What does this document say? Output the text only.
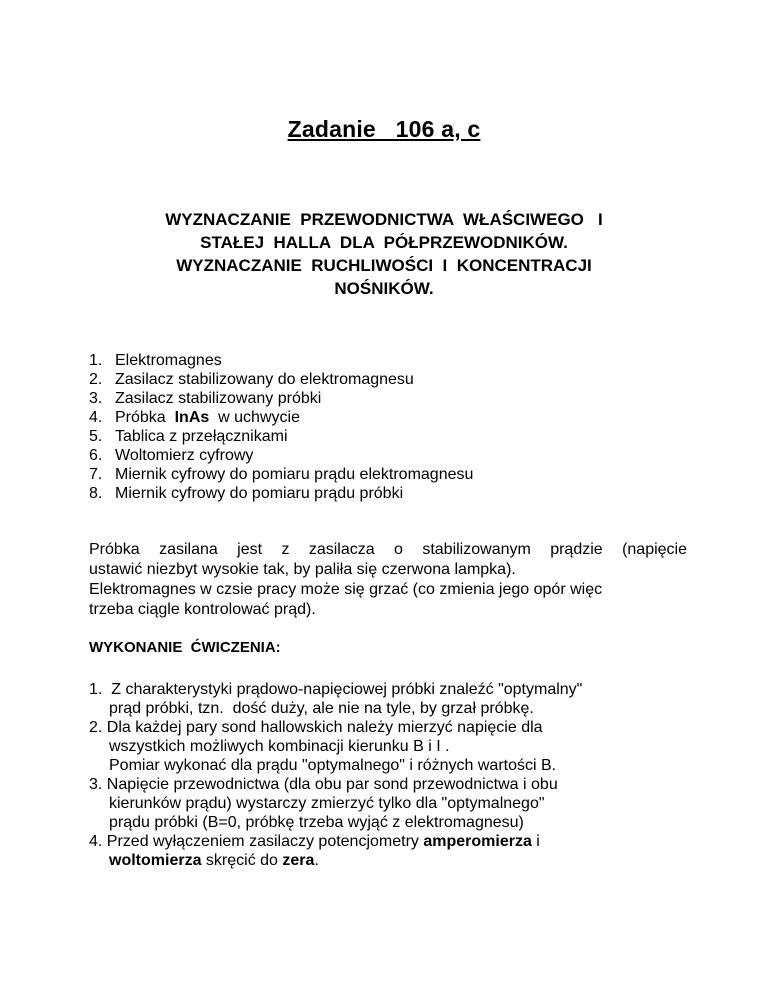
Zadanie   106 a, c
WYZNACZANIE  PRZEWODNICTWA  WŁAŚCIWEGO   I
STAŁEJ  HALLA  DLA  PÓŁPRZEWODNIKÓW.
WYZNACZANIE  RUCHLIWOŚCI  I  KONCENTRACJI
NOŚNIKÓW.
1. Elektromagnes
2. Zasilacz stabilizowany do elektromagnesu
3. Zasilacz stabilizowany próbki
4. Próbka  InAs  w uchwycie
5. Tablica z przełącznikami
6. Woltomierz cyfrowy
7. Miernik cyfrowy do pomiaru prądu elektromagnesu
8. Miernik cyfrowy do pomiaru prądu próbki
Próbka zasilana jest z zasilacza o stabilizowanym prądzie (napięcie
ustawić niezbyt wysokie tak, by paliła się czerwona lampka).
Elektromagnes w czsie pracy może się grzać (co zmienia jego opór więc
trzeba ciągle kontrolować prąd).
WYKONANIE  ĆWICZENIA:
1.  Z charakterystyki prądowo-napięciowej próbki znaleźć "optymalny"
prąd próbki, tzn.  dość duży, ale nie na tyle, by grzał próbkę.
2. Dla każdej pary sond hallowskich należy mierzyć napięcie dla
wszystkich możliwych kombinacji kierunku B i I .
Pomiar wykonać dla prądu "optymalnego" i różnych wartości B.
3. Napięcie przewodnictwa (dla obu par sond przewodnictwa i obu
kierunków prądu) wystarczy zmierzyć tylko dla "optymalnego"
prądu próbki (B=0, próbkę trzeba wyjąć z elektromagnesu)
4. Przed wyłączeniem zasilaczy potencjometry amperomierza i
woltomierza skręcić do zera.
